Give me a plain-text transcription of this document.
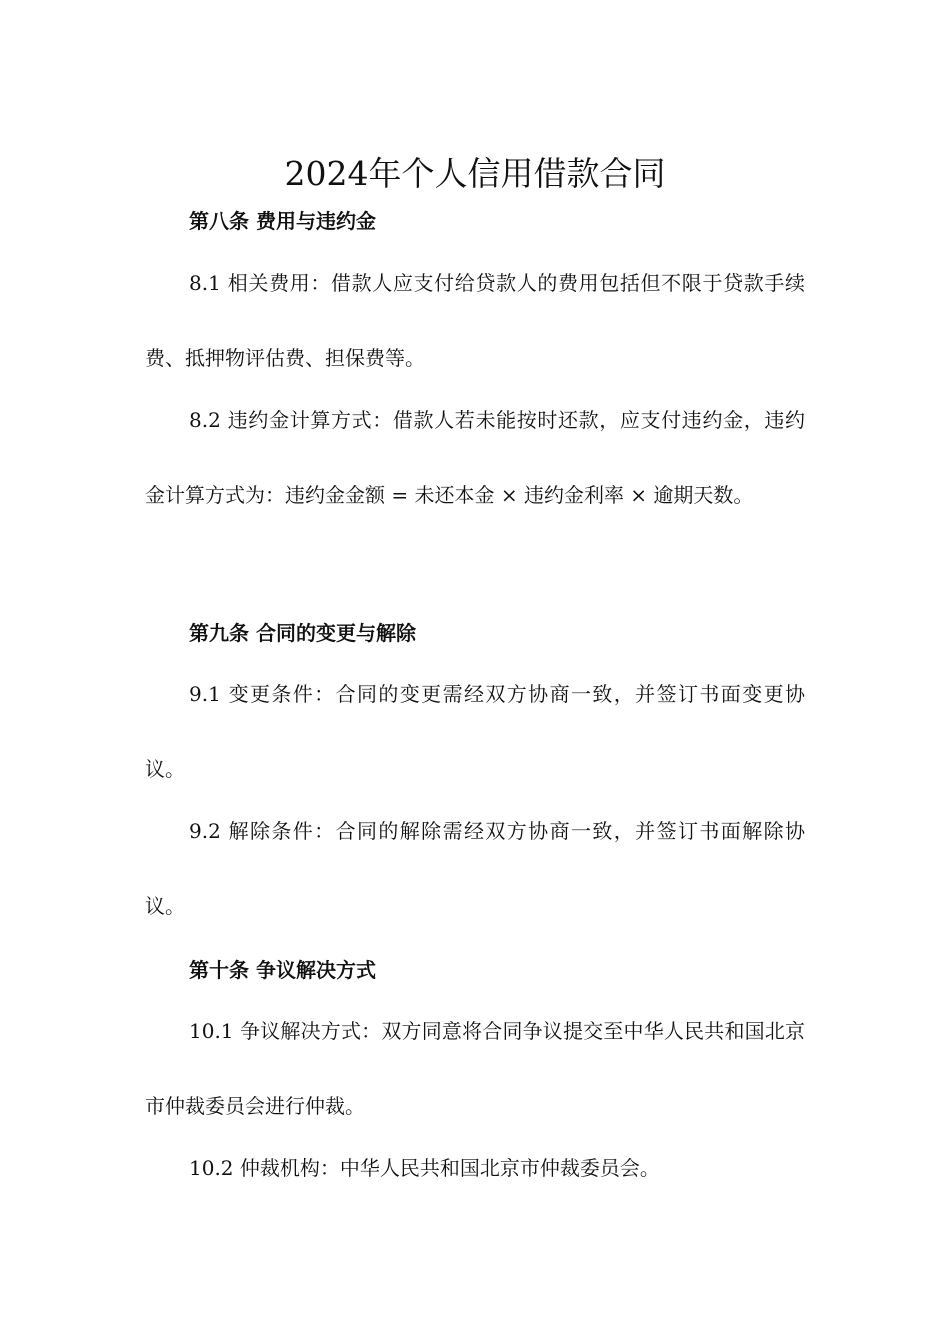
2024年个人信用借款合同
第八条 费用与违约金
8.1 相关费用：借款人应支付给贷款人的费用包括但不限于贷款手续费、抵押物评估费、担保费等。
8.2 违约金计算方式：借款人若未能按时还款，应支付违约金，违约金计算方式为：违约金金额 = 未还本金 × 违约金利率 × 逾期天数。
第九条 合同的变更与解除
9.1 变更条件：合同的变更需经双方协商一致，并签订书面变更协议。
9.2 解除条件：合同的解除需经双方协商一致，并签订书面解除协议。
第十条 争议解决方式
10.1 争议解决方式：双方同意将合同争议提交至中华人民共和国北京市仲裁委员会进行仲裁。
10.2 仲裁机构：中华人民共和国北京市仲裁委员会。
